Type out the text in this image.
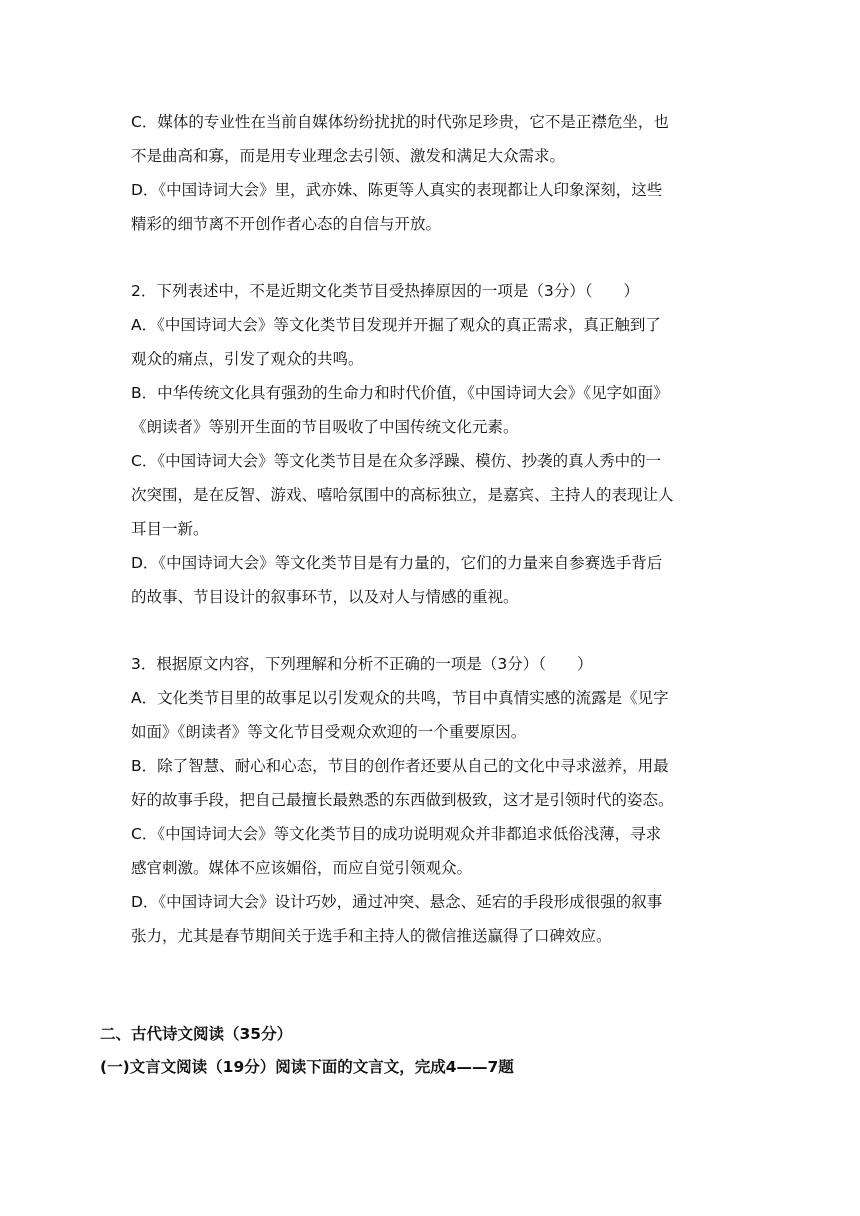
C．媒体的专业性在当前自媒体纷纷扰扰的时代弥足珍贵，它不是正襟危坐，也
不是曲高和寡，而是用专业理念去引领、激发和满足大众需求。
D．《中国诗词大会》里，武亦姝、陈更等人真实的表现都让人印象深刻，这些
精彩的细节离不开创作者心态的自信与开放。
2．下列表述中，不是近期文化类节目受热捧原因的一项是（3分）（　　）
A．《中国诗词大会》等文化类节目发现并开掘了观众的真正需求，真正触到了
观众的痛点，引发了观众的共鸣。
B．中华传统文化具有强劲的生命力和时代价值，《中国诗词大会》《见字如面》
《朗读者》等别开生面的节目吸收了中国传统文化元素。
C．《中国诗词大会》等文化类节目是在众多浮躁、模仿、抄袭的真人秀中的一
次突围，是在反智、游戏、嘻哈氛围中的高标独立，是嘉宾、主持人的表现让人
耳目一新。
D．《中国诗词大会》等文化类节目是有力量的，它们的力量来自参赛选手背后
的故事、节目设计的叙事环节，以及对人与情感的重视。
3．根据原文内容，下列理解和分析不正确的一项是（3分）（　　）
A．文化类节目里的故事足以引发观众的共鸣，节目中真情实感的流露是《见字
如面》《朗读者》等文化节目受观众欢迎的一个重要原因。
B．除了智慧、耐心和心态，节目的创作者还要从自己的文化中寻求滋养，用最
好的故事手段，把自己最擅长最熟悉的东西做到极致，这才是引领时代的姿态。
C．《中国诗词大会》等文化类节目的成功说明观众并非都追求低俗浅薄，寻求
感官刺激。媒体不应该媚俗，而应自觉引领观众。
D．《中国诗词大会》设计巧妙，通过冲突、悬念、延宕的手段形成很强的叙事
张力，尤其是春节期间关于选手和主持人的微信推送赢得了口碑效应。
二、古代诗文阅读（35分）
(一)文言文阅读（19分）阅读下面的文言文，完成4——7题
